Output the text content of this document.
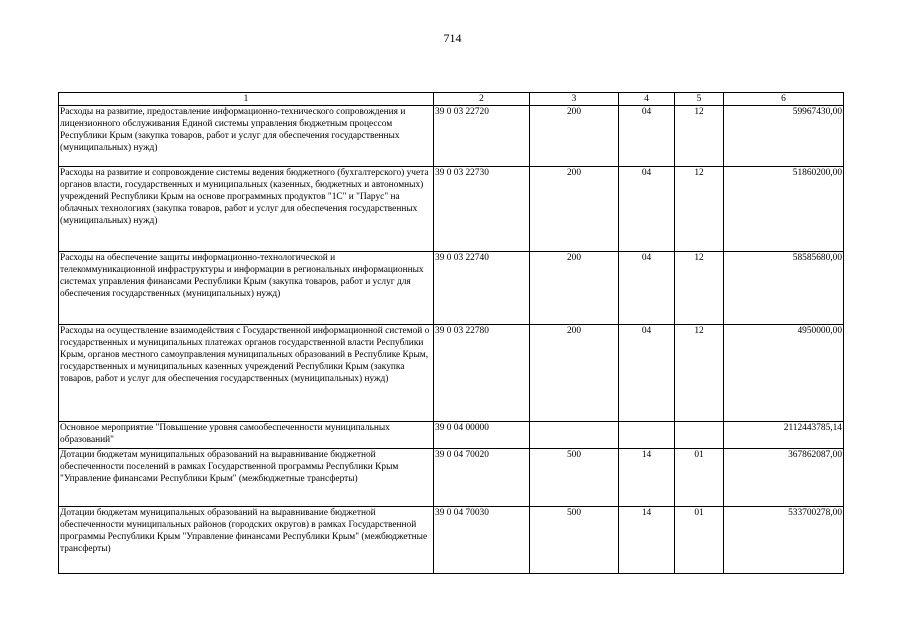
714
1	2	3	4	5	6
Расходы на развитие, предоставление информационно-технического сопровождения и лицензионного обслуживания Единой системы управления бюджетным процессом Республики Крым (закупка товаров, работ и услуг для обеспечения государственных (муниципальных) нужд)	39 0 03 22720	200	04	12	59967430,00
Расходы на развитие и сопровождение системы ведения бюджетного (бухгалтерского) учета органов власти, государственных и муниципальных (казенных, бюджетных и автономных) учреждений Республики Крым на основе программных продуктов "1С" и "Парус" на облачных технологиях (закупка товаров, работ и услуг для обеспечения государственных (муниципальных) нужд)	39 0 03 22730	200	04	12	51860200,00
Расходы на обеспечение защиты информационно-технологической и телекоммуникационной инфраструктуры и информации в региональных информационных системах управления финансами Республики Крым (закупка товаров, работ и услуг для обеспечения государственных (муниципальных) нужд)	39 0 03 22740	200	04	12	58585680,00
Расходы на осуществление взаимодействия с Государственной информационной системой о государственных и муниципальных платежах органов государственной власти Республики Крым, органов местного самоуправления муниципальных образований в Республике Крым, государственных и муниципальных казенных учреждений Республики Крым (закупка товаров, работ и услуг для обеспечения государственных (муниципальных) нужд)	39 0 03 22780	200	04	12	4950000,00
Основное мероприятие "Повышение уровня самообеспеченности муниципальных образований"	39 0 04 00000				2112443785,14
Дотации бюджетам муниципальных образований на выравнивание бюджетной обеспеченности поселений в рамках Государственной программы Республики Крым "Управление финансами Республики Крым" (межбюджетные трансферты)	39 0 04 70020	500	14	01	367862087,00
Дотации бюджетам муниципальных образований на выравнивание бюджетной обеспеченности муниципальных районов (городских округов) в рамках Государственной программы Республики Крым "Управление финансами Республики Крым" (межбюджетные трансферты)	39 0 04 70030	500	14	01	533700278,00
